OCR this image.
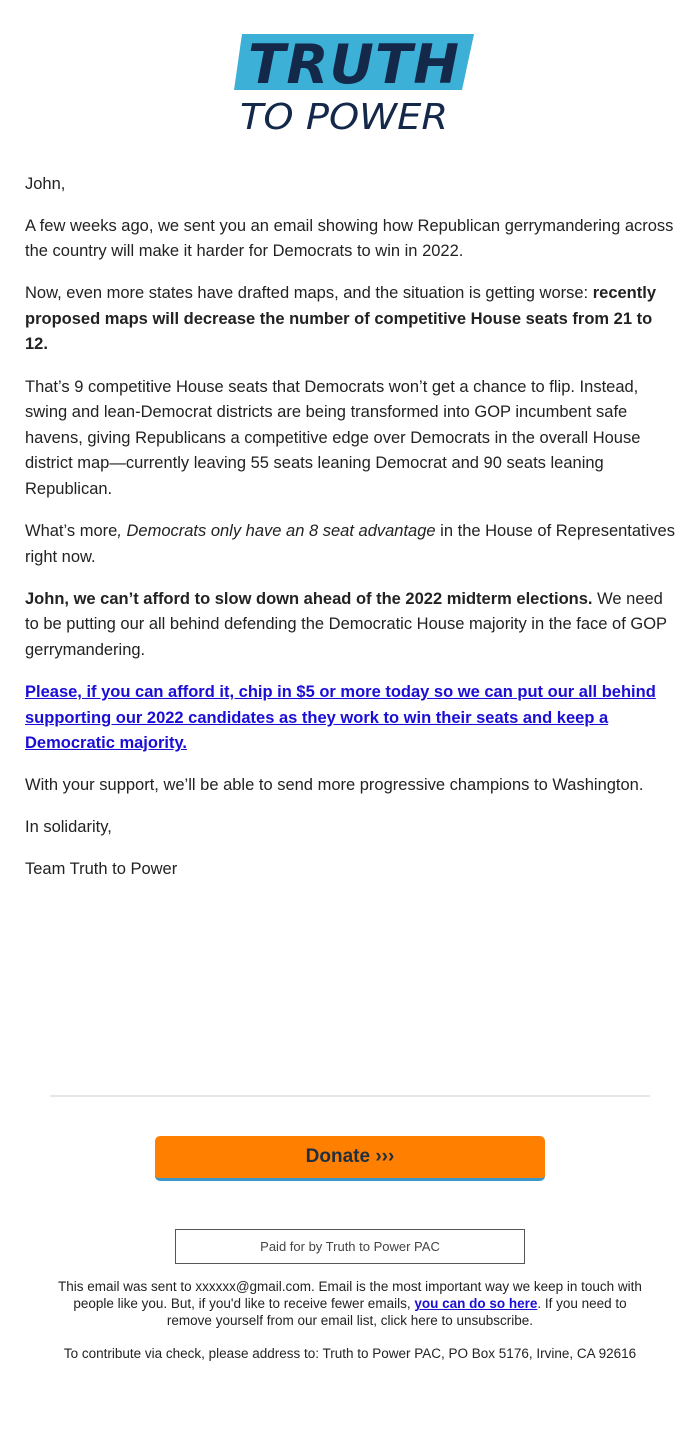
TRUTH
TO POWER

John,

A few weeks ago, we sent you an email showing how Republican gerrymandering across the country will make it harder for Democrats to win in 2022.

Now, even more states have drafted maps, and the situation is getting worse: recently proposed maps will decrease the number of competitive House seats from 21 to 12.

That’s 9 competitive House seats that Democrats won’t get a chance to flip. Instead, swing and lean-Democrat districts are being transformed into GOP incumbent safe havens, giving Republicans a competitive edge over Democrats in the overall House district map—currently leaving 55 seats leaning Democrat and 90 seats leaning Republican.

What’s more, Democrats only have an 8 seat advantage in the House of Representatives right now.

John, we can’t afford to slow down ahead of the 2022 midterm elections. We need to be putting our all behind defending the Democratic House majority in the face of GOP gerrymandering.

Please, if you can afford it, chip in $5 or more today so we can put our all behind supporting our 2022 candidates as they work to win their seats and keep a Democratic majority.

With your support, we’ll be able to send more progressive champions to Washington.

In solidarity,

Team Truth to Power

Donate ›››
Paid for by Truth to Power PAC
This email was sent to xxxxxx@gmail.com. Email is the most important way we keep in touch with people like you. But, if you'd like to receive fewer emails, you can do so here. If you need to remove yourself from our email list, click here to unsubscribe.
To contribute via check, please address to: Truth to Power PAC, PO Box 5176, Irvine, CA 92616
